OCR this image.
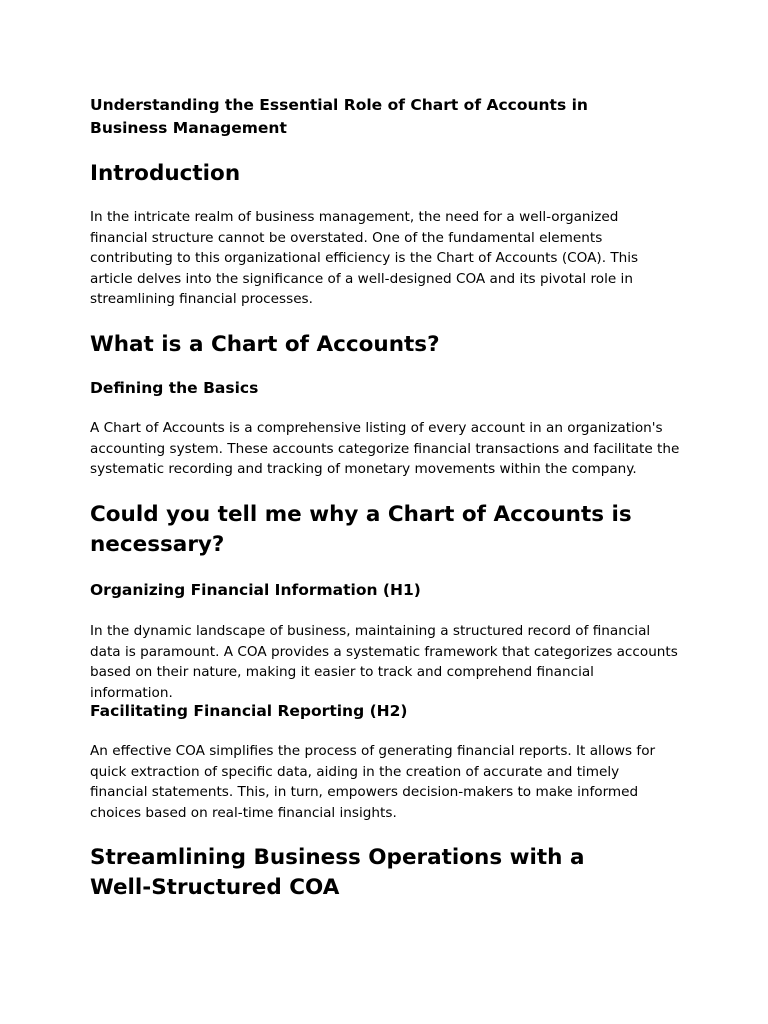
Understanding the Essential Role of Chart of Accounts in Business Management

Introduction

In the intricate realm of business management, the need for a well-organized financial structure cannot be overstated. One of the fundamental elements contributing to this organizational efficiency is the Chart of Accounts (COA). This article delves into the significance of a well-designed COA and its pivotal role in streamlining financial processes.

What is a Chart of Accounts?
Defining the Basics

A Chart of Accounts is a comprehensive listing of every account in an organization's accounting system. These accounts categorize financial transactions and facilitate the systematic recording and tracking of monetary movements within the company.

Could you tell me why a Chart of Accounts is necessary?
Organizing Financial Information (H1)

In the dynamic landscape of business, maintaining a structured record of financial data is paramount. A COA provides a systematic framework that categorizes accounts based on their nature, making it easier to track and comprehend financial information.

Facilitating Financial Reporting (H2)

An effective COA simplifies the process of generating financial reports. It allows for quick extraction of specific data, aiding in the creation of accurate and timely financial statements. This, in turn, empowers decision-makers to make informed choices based on real-time financial insights.

Streamlining Business Operations with a Well-Structured COA
